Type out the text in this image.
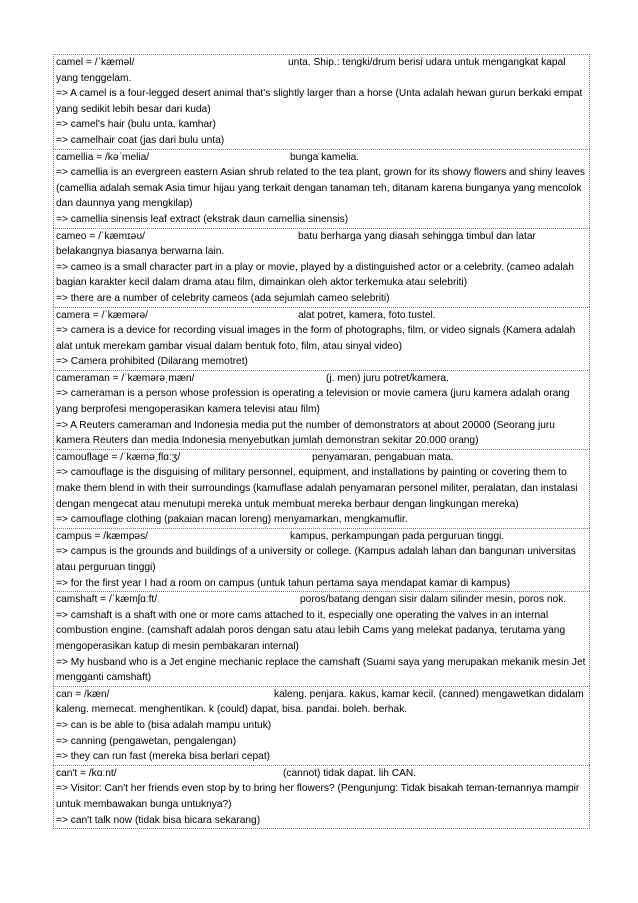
camel = /ˈkæməl/	unta. Ship.: tengki/drum berisi udara untuk mengangkat kapal yang tenggelam.
=> A camel is a four-legged desert animal that's slightly larger than a horse (Unta adalah hewan gurun berkaki empat yang sedikit lebih besar dari kuda)
=> camel's hair (bulu unta, kamhar)
=> camelhair coat (jas dari bulu unta)
camellia = /kəˈmelia/	bunga kamelia.
=> camellia is an evergreen eastern Asian shrub related to the tea plant, grown for its showy flowers and shiny leaves (camellia adalah semak Asia timur hijau yang terkait dengan tanaman teh, ditanam karena bunganya yang mencolok dan daunnya yang mengkilap)
=> camellia sinensis leaf extract (ekstrak daun camellia sinensis)
cameo = /ˈkæmɪəʊ/	batu berharga yang diasah sehingga timbul dan latar belakangnya biasanya berwarna lain.
=> cameo is a small character part in a play or movie, played by a distinguished actor or a celebrity. (cameo adalah bagian karakter kecil dalam drama atau film, dimainkan oleh aktor terkemuka atau selebriti)
=> there are a number of celebrity cameos (ada sejumlah cameo selebriti)
camera = /ˈkæmərə/	alat potret, kamera, foto tustel.
=> camera is a device for recording visual images in the form of photographs, film, or video signals (Kamera adalah alat untuk merekam gambar visual dalam bentuk foto, film, atau sinyal video)
=> Camera prohibited (Dilarang memotret)
cameraman = /ˈkæmərəˌmæn/	(j. men) juru potret/kamera.
=> cameraman is a person whose profession is operating a television or movie camera (juru kamera adalah orang yang berprofesi mengoperasikan kamera televisi atau film)
=> A Reuters cameraman and Indonesia media put the number of demonstrators at about 20000 (Seorang juru kamera Reuters dan media Indonesia menyebutkan jumlah demonstran sekitar 20.000 orang)
camouflage = /ˈkæməˌflɑːʒ/	penyamaran, pengabuan mata.
=> camouflage is the disguising of military personnel, equipment, and installations by painting or covering them to make them blend in with their surroundings (kamuflase adalah penyamaran personel militer, peralatan, dan instalasi dengan mengecat atau menutupi mereka untuk membuat mereka berbaur dengan lingkungan mereka)
=> camouflage clothing (pakaian macan loreng) menyamarkan, mengkamuflir.
campus = /kæmpəs/	kampus, perkampungan pada perguruan tinggi.
=> campus is the grounds and buildings of a university or college. (Kampus adalah lahan dan bangunan universitas atau perguruan tinggi)
=> for the first year I had a room on campus (untuk tahun pertama saya mendapat kamar di kampus)
camshaft = /ˈkæmʃɑːft/	poros/batang dengan sisir dalam silinder mesin, poros nok.
=> camshaft is a shaft with one or more cams attached to it, especially one operating the valves in an internal combustion engine. (camshaft adalah poros dengan satu atau lebih Cams yang melekat padanya, terutama yang mengoperasikan katup di mesin pembakaran internal)
=> My husband who is a Jet engine mechanic replace the camshaft (Suami saya yang merupakan mekanik mesin Jet mengganti camshaft)
can = /kæn/	kaleng. penjara. kakus, kamar kecil. (canned) mengawetkan didalam kaleng. memecat. menghentikan. k (could) dapat, bisa. pandai. boleh. berhak.
=> can is be able to (bisa adalah mampu untuk)
=> canning (pengawetan, pengalengan)
=> they can run fast (mereka bisa berlari cepat)
can't = /kɑːnt/	(cannot) tidak dapat. lih CAN.
=> Visitor: Can't her friends even stop by to bring her flowers? (Pengunjung: Tidak bisakah teman-temannya mampir untuk membawakan bunga untuknya?)
=> can't talk now (tidak bisa bicara sekarang)
